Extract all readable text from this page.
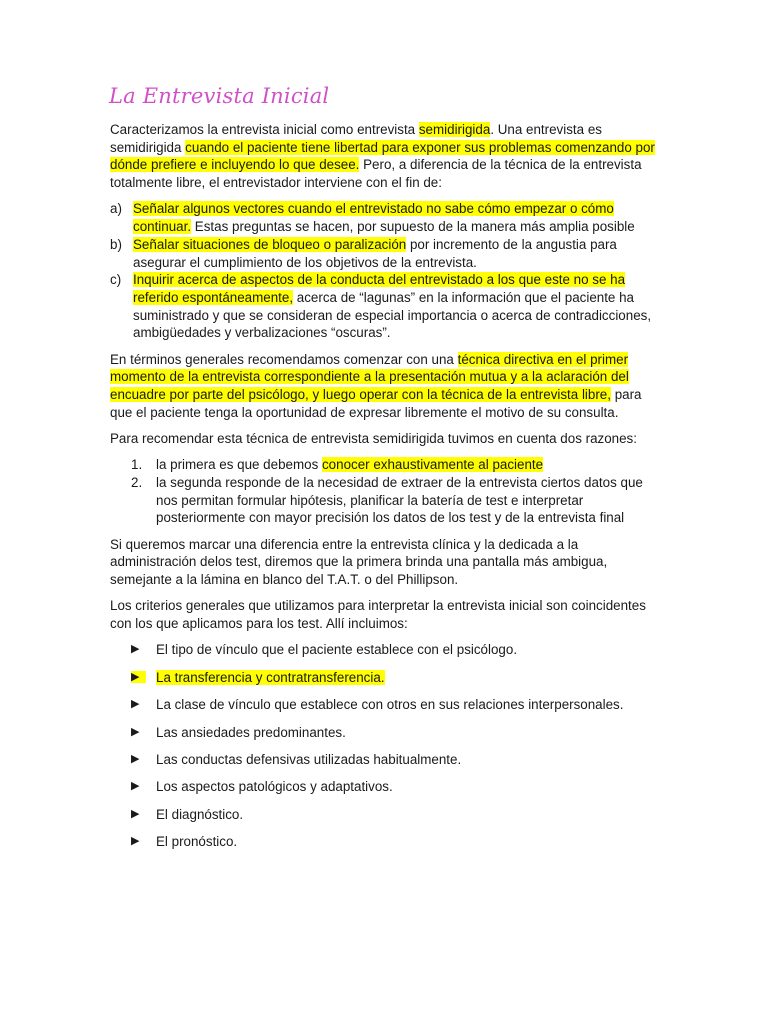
La Entrevista Inicial

Caracterizamos la entrevista inicial como entrevista semidirigida. Una entrevista es semidirigida cuando el paciente tiene libertad para exponer sus problemas comenzando por dónde prefiere e incluyendo lo que desee. Pero, a diferencia de la técnica de la entrevista totalmente libre, el entrevistador interviene con el fin de:

a) Señalar algunos vectores cuando el entrevistado no sabe cómo empezar o cómo continuar. Estas preguntas se hacen, por supuesto de la manera más amplia posible
b) Señalar situaciones de bloqueo o paralización por incremento de la angustia para asegurar el cumplimiento de los objetivos de la entrevista.
c) Inquirir acerca de aspectos de la conducta del entrevistado a los que este no se ha referido espontáneamente, acerca de “lagunas” en la información que el paciente ha suministrado y que se consideran de especial importancia o acerca de contradicciones, ambigüedades y verbalizaciones “oscuras”.

En términos generales recomendamos comenzar con una técnica directiva en el primer momento de la entrevista correspondiente a la presentación mutua y a la aclaración del encuadre por parte del psicólogo, y luego operar con la técnica de la entrevista libre, para que el paciente tenga la oportunidad de expresar libremente el motivo de su consulta.

Para recomendar esta técnica de entrevista semidirigida tuvimos en cuenta dos razones:

1.	la primera es que debemos conocer exhaustivamente al paciente
2.	la segunda responde de la necesidad de extraer de la entrevista ciertos datos que nos permitan formular hipótesis, planificar la batería de test e interpretar posteriormente con mayor precisión los datos de los test y de la entrevista final

Si queremos marcar una diferencia entre la entrevista clínica y la dedicada a la administración delos test, diremos que la primera brinda una pantalla más ambigua, semejante a la lámina en blanco del T.A.T. o del Phillipson.

Los criterios generales que utilizamos para interpretar la entrevista inicial son coincidentes con los que aplicamos para los test. Allí incluimos:

▶	El tipo de vínculo que el paciente establece con el psicólogo.
▶ La transferencia y contratransferencia.
▶	La clase de vínculo que establece con otros en sus relaciones interpersonales.
▶	Las ansiedades predominantes.
▶	Las conductas defensivas utilizadas habitualmente.
▶	Los aspectos patológicos y adaptativos.
▶	El diagnóstico.
▶	El pronóstico.
